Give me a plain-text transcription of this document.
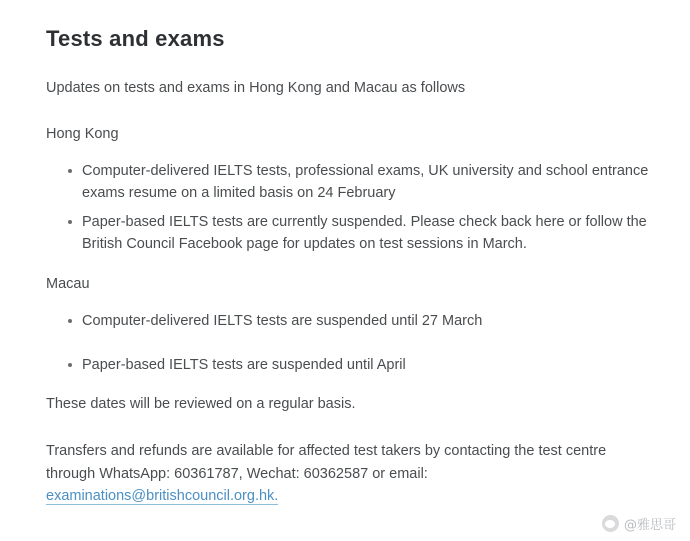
Tests and exams

Updates on tests and exams in Hong Kong and Macau as follows

Hong Kong

Computer-delivered IELTS tests, professional exams, UK university and school entrance exams resume on a limited basis on 24 February
Paper-based IELTS tests are currently suspended. Please check back here or follow the British Council Facebook page for updates on test sessions in March.

Macau

Computer-delivered IELTS tests are suspended until 27 March
Paper-based IELTS tests are suspended until April

These dates will be reviewed on a regular basis.

Transfers and refunds are available for affected test takers by contacting the test centre through WhatsApp: 60361787, Wechat: 60362587 or email: examinations@britishcouncil.org.hk.

@雅思哥
